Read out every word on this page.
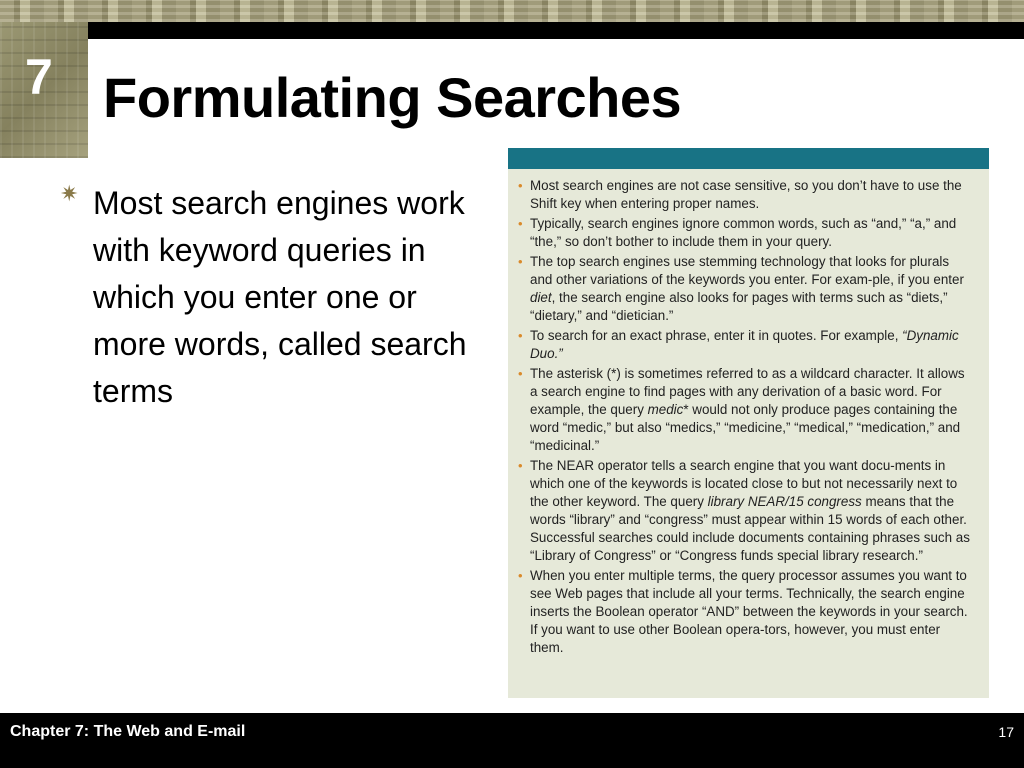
7 Formulating Searches
✷ Most search engines work with keyword queries in which you enter one or more words, called search terms

• Most search engines are not case sensitive, so you don’t have to use the Shift key when entering proper names.
• Typically, search engines ignore common words, such as “and,” “a,” and “the,” so don’t bother to include them in your query.
• The top search engines use stemming technology that looks for plurals and other variations of the keywords you enter. For exam-ple, if you enter diet, the search engine also looks for pages with terms such as “diets,” “dietary,” and “dietician.”
• To search for an exact phrase, enter it in quotes. For example, “Dynamic Duo.”
• The asterisk (*) is sometimes referred to as a wildcard character. It allows a search engine to find pages with any derivation of a basic word. For example, the query medic* would not only produce pages containing the word “medic,” but also “medics,” “medicine,” “medical,” “medication,” and “medicinal.”
• The NEAR operator tells a search engine that you want docu-ments in which one of the keywords is located close to but not necessarily next to the other keyword. The query library NEAR/15 congress means that the words “library” and “congress” must appear within 15 words of each other. Successful searches could include documents containing phrases such as “Library of Congress” or “Congress funds special library research.”
• When you enter multiple terms, the query processor assumes you want to see Web pages that include all your terms. Technically, the search engine inserts the Boolean operator “AND” between the keywords in your search. If you want to use other Boolean opera-tors, however, you must enter them.
Chapter 7: The Web and E-mail	17
